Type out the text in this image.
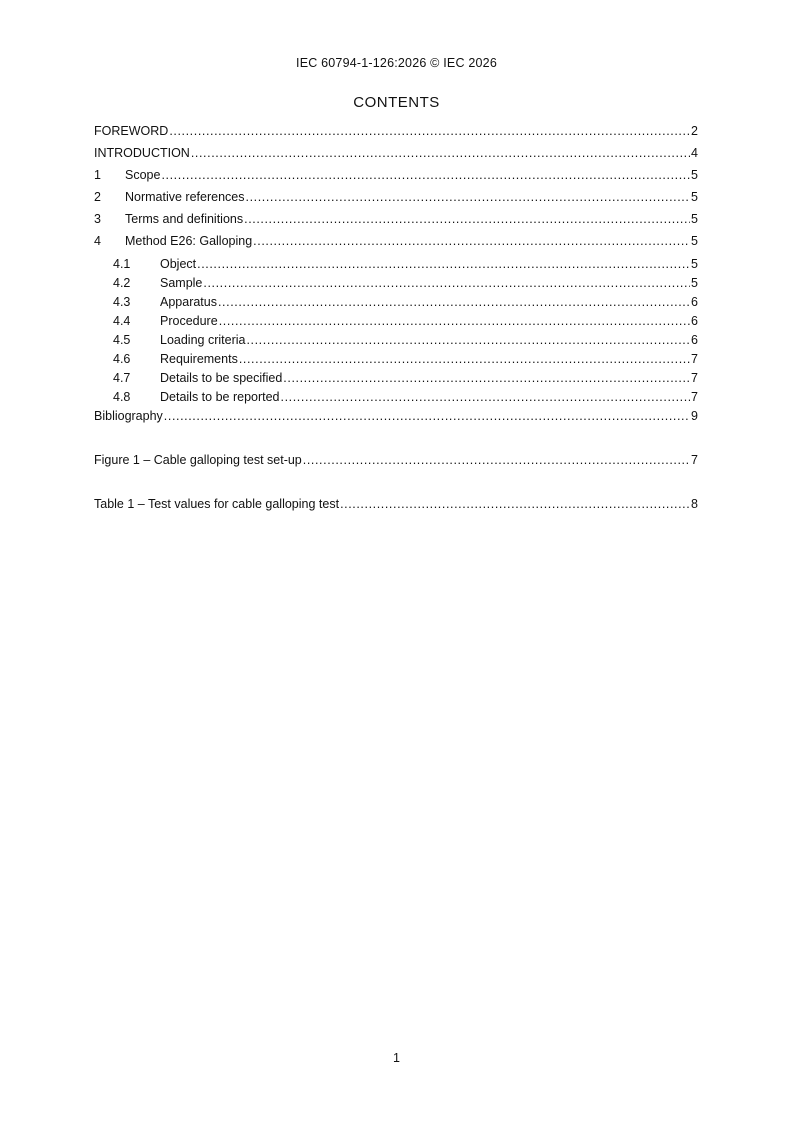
IEC 60794-1-126:2026 © IEC 2026
CONTENTS
FOREWORD .....	2
INTRODUCTION .....	4
1	Scope .....	5
2	Normative references .....	5
3	Terms and definitions .....	5
4	Method E26: Galloping .....	5
4.1	Object .....	5
4.2	Sample .....	5
4.3	Apparatus .....	6
4.4	Procedure .....	6
4.5	Loading criteria .....	6
4.6	Requirements .....	7
4.7	Details to be specified .....	7
4.8	Details to be reported .....	7
Bibliography .....	9
Figure 1 – Cable galloping test set-up .....	7
Table 1 – Test values for cable galloping test .....	8
1
